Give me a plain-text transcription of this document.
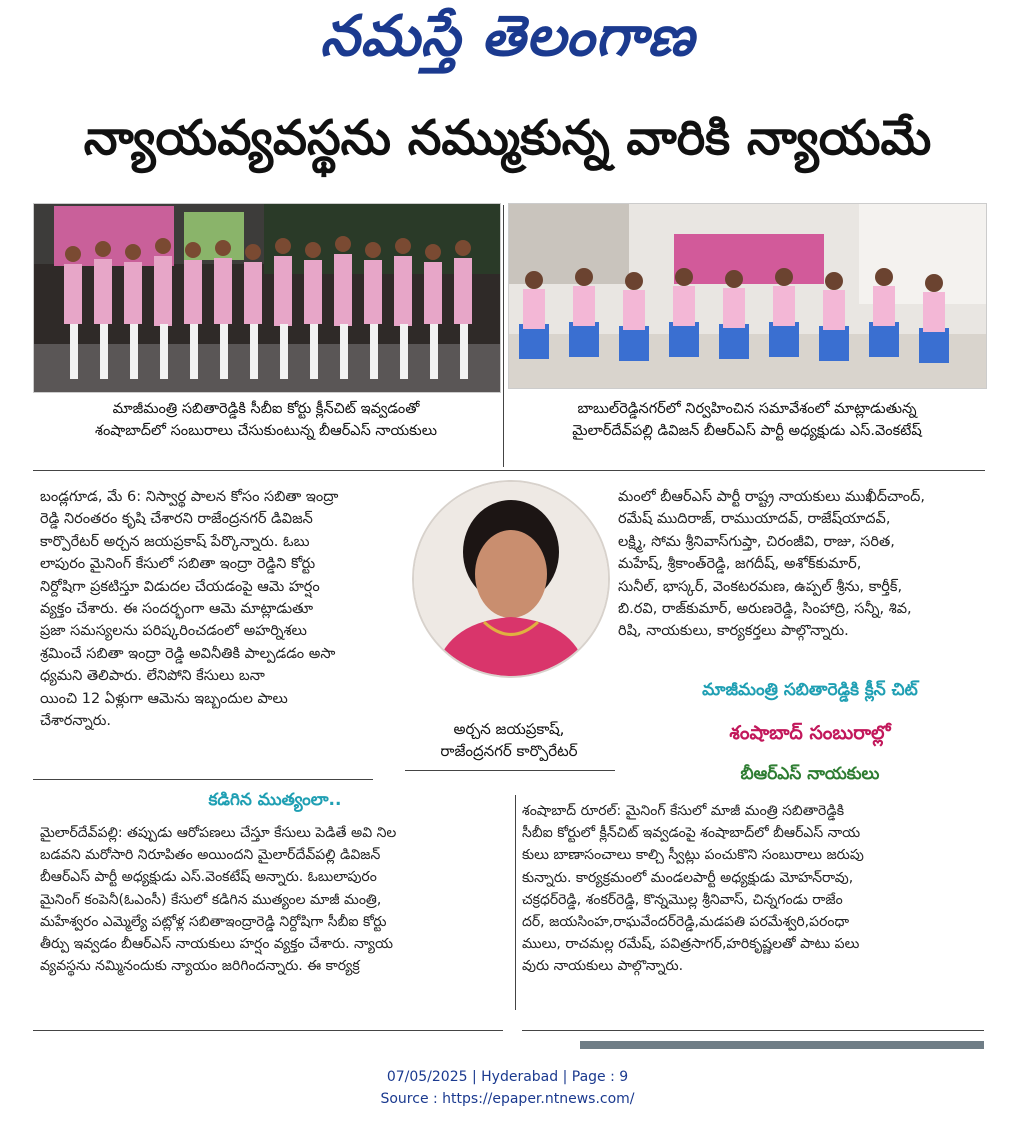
నమస్తే తెలంగాణ
న్యాయవ్యవస్థను నమ్ముకున్న వారికి న్యాయమే
మాజీమంత్రి సబితారెడ్డికి సీబీఐ కోర్టు క్లీన్‌చిట్ ఇవ్వడంతో
శంషాబాద్‌లో సంబురాలు చేసుకుంటున్న బీఆర్‌ఎస్ నాయకులు
బాబుల్‌రెడ్డినగర్‌లో నిర్వహించిన సమావేశంలో మాట్లాడుతున్న
మైలార్‌దేవ్‌పల్లి డివిజన్ బీఆర్‌ఎస్ పార్టీ అధ్యక్షుడు ఎస్.వెంకటేష్
బండ్లగూడ, మే 6: నిస్వార్థ పాలన కోసం సబితా ఇంద్రా
రెడ్డి నిరంతరం కృషి చేశారని రాజేంద్రనగర్ డివిజన్
కార్పొరేటర్ అర్చన జయప్రకాష్ పేర్కొన్నారు. ఓబు
లాపురం మైనింగ్ కేసులో సబితా ఇంద్రా రెడ్డిని కోర్టు
నిర్దోషిగా ప్రకటిస్తూ విడుదల చేయడంపై ఆమె హర్షం
వ్యక్తం చేశారు. ఈ సందర్భంగా ఆమె మాట్లాడుతూ
ప్రజా సమస్యలను పరిష్కరించడంలో అహర్నిశలు
శ్రమించే సబితా ఇంద్రా రెడ్డి అవినీతికి పాల్పడడం అసా
ధ్యమని తెలిపారు. లేనిపోని కేసులు బనా
యించి 12 ఏళ్లుగా ఆమెను ఇబ్బందుల పాలు
చేశారన్నారు.	అర్చన జయప్రకాష్,
రాజేంద్రనగర్ కార్పొరేటర్
మంలో బీఆర్‌ఎస్ పార్టీ రాష్ట్ర నాయకులు ముఖీద్‌చాంద్,
రమేష్ ముదిరాజ్, రాముయాదవ్, రాజేష్‌యాదవ్,
లక్ష్మి, సోమ శ్రీనివాస్‌గుప్తా, చిరంజీవి, రాజు, సరిత,
మహేష్, శ్రీకాంత్‌రెడ్డి, జగదీష్, అశోక్‌కుమార్,
సునీల్, భాస్కర్, వెంకటరమణ, ఉప్పల్ శ్రీను, కార్తీక్,
బి.రవి, రాజ్‌కుమార్, అరుణరెడ్డి, సింహాద్రి, సన్నీ, శివ,
రిషి, నాయకులు, కార్యకర్తలు పాల్గొన్నారు.
మాజీమంత్రి సబితారెడ్డికి క్లీన్ చిట్
శంషాబాద్ సంబురాల్లో
బీఆర్‌ఎస్ నాయకులు
కడిగిన ముత్యంలా..
మైలార్‌దేవ్‌పల్లి: తప్పుడు ఆరోపణలు చేస్తూ కేసులు పెడితే అవి నిల
బడవని మరోసారి నిరూపితం అయిందని మైలార్‌దేవ్‌పల్లి డివిజన్
బీఆర్‌ఎస్ పార్టీ అధ్యక్షుడు ఎస్.వెంకటేష్ అన్నారు. ఓబులాపురం
మైనింగ్ కంపెనీ(ఓఎంసీ) కేసులో కడిగిన ముత్యంల మాజీ మంత్రి,
మహేశ్వరం ఎమ్మెల్యే పట్లోళ్ల సబితాఇంద్రారెడ్డి నిర్దోషిగా సీబీఐ కోర్టు
తీర్పు ఇవ్వడం బీఆర్‌ఎస్ నాయకులు హర్షం వ్యక్తం చేశారు. న్యాయ
వ్యవస్థను నమ్మినందుకు న్యాయం జరిగిందన్నారు. ఈ కార్యక్ర
శంషాబాద్ రూరల్: మైనింగ్ కేసులో మాజీ మంత్రి సబితారెడ్డికి
సీబీఐ కోర్టులో క్లీన్‌చిట్ ఇవ్వడంపై శంషాబాద్‌లో బీఆర్‌ఎస్ నాయ
కులు బాణాసంచాలు కాల్చి స్వీట్లు పంచుకొని సంబురాలు జరుపు
కున్నారు. కార్యక్రమంలో మండలపార్టీ అధ్యక్షుడు మోహన్‌రావు,
చక్రధర్‌రెడ్డి, శంకర్‌రెడ్డి, కొన్నమొల్ల శ్రీనివాస్, చిన్నగండు రాజేం
దర్, జయసింహ,రాఘవేందర్‌రెడ్డి,మడపతి పరమేశ్వరి,పరంధా
ములు, రాచమల్ల రమేష్, పవిత్రసాగర్,హరికృష్ణలతో పాటు పలు
వురు నాయకులు పాల్గొన్నారు.
07/05/2025 | Hyderabad | Page : 9
Source : https://epaper.ntnews.com/
